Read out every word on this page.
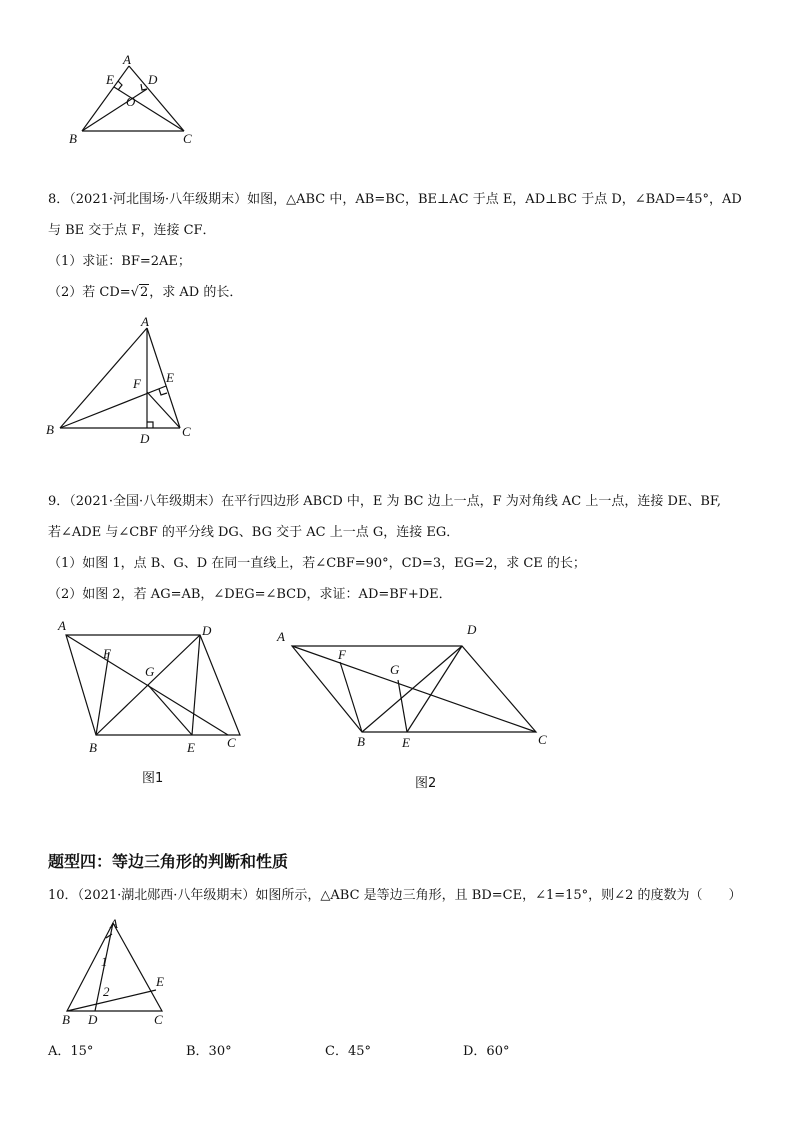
A
E	D
O
B	C
8．（2021·河北围场·八年级期末）如图，△ABC 中，AB=BC，BE⊥AC 于点 E，AD⊥BC 于点 D，∠BAD=45°，AD
与 BE 交于点 F，连接 CF．
（1）求证：BF=2AE；
（2）若 CD=√2，求 AD 的长．
A
F E
B
D	C
9．（2021·全国·八年级期末）在平行四边形 ABCD 中，E 为 BC 边上一点，F 为对角线 AC 上一点，连接 DE、BF,
若∠ADE 与∠CBF 的平分线 DG、BG 交于 AC 上一点 G，连接 EG．
（1）如图 1，点 B、G、D 在同一直线上，若∠CBF=90°，CD=3，EG=2，求 CE 的长；
（2）如图 2，若 AG=AB，∠DEG=∠BCD，求证：AD=BF+DE．
A	D
F
G
B	E C
图1
A	D
F
G
B	E	C
图2
题型四：等边三角形的判断和性质
10．（2021·湖北郧西·八年级期末）如图所示，△ABC 是等边三角形，且 BD=CE，∠1=15°，则∠2 的度数为（　　）
A
1
2
E
B D	C
A．15°	B．30°	C．45°	D．60°
